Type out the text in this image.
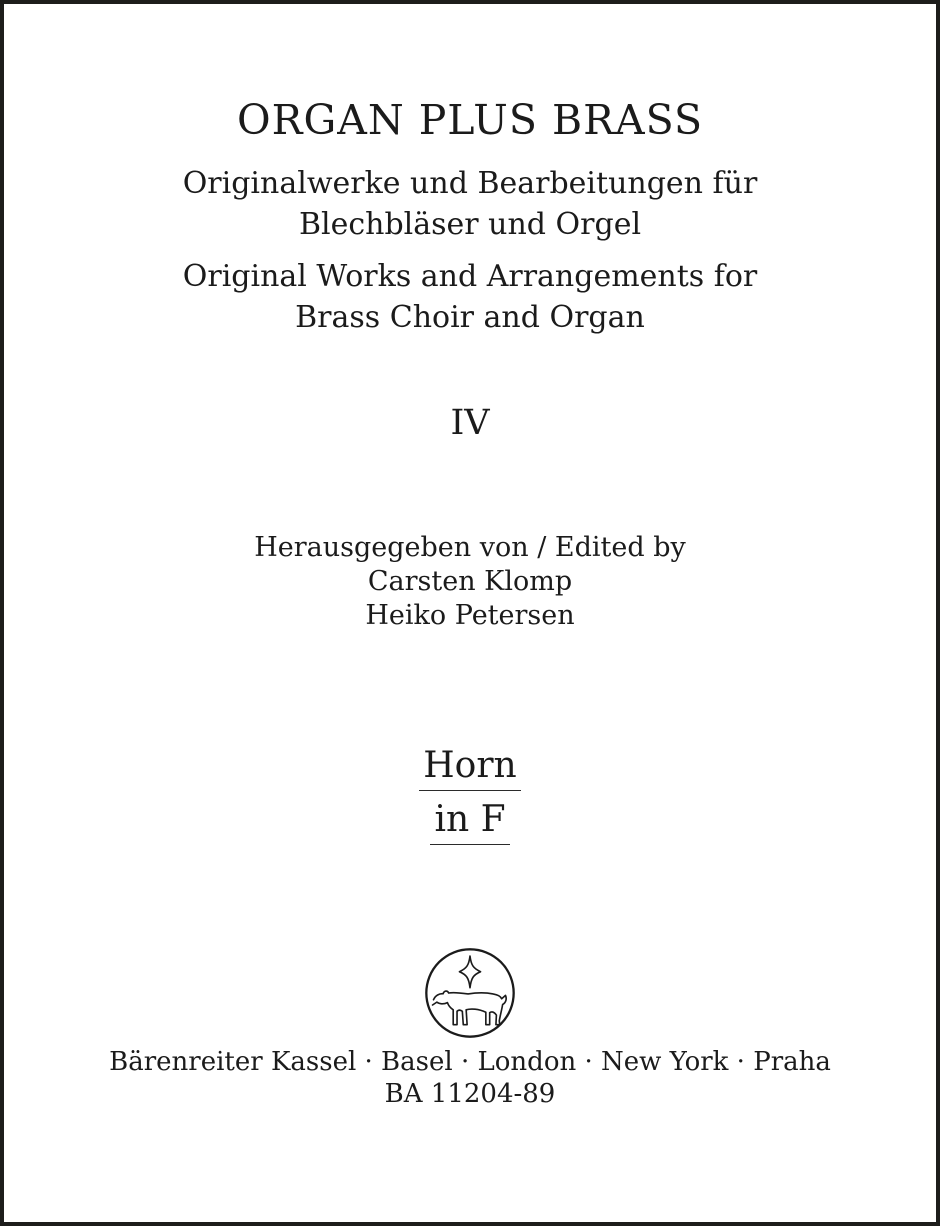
ORGAN PLUS BRASS
Originalwerke und Bearbeitungen für
Blechbläser und Orgel
Original Works and Arrangements for
Brass Choir and Organ
IV
Herausgegeben von / Edited by
Carsten Klomp
Heiko Petersen
Horn
in F
Bärenreiter Kassel · Basel · London · New York · Praha
BA 11204-89
